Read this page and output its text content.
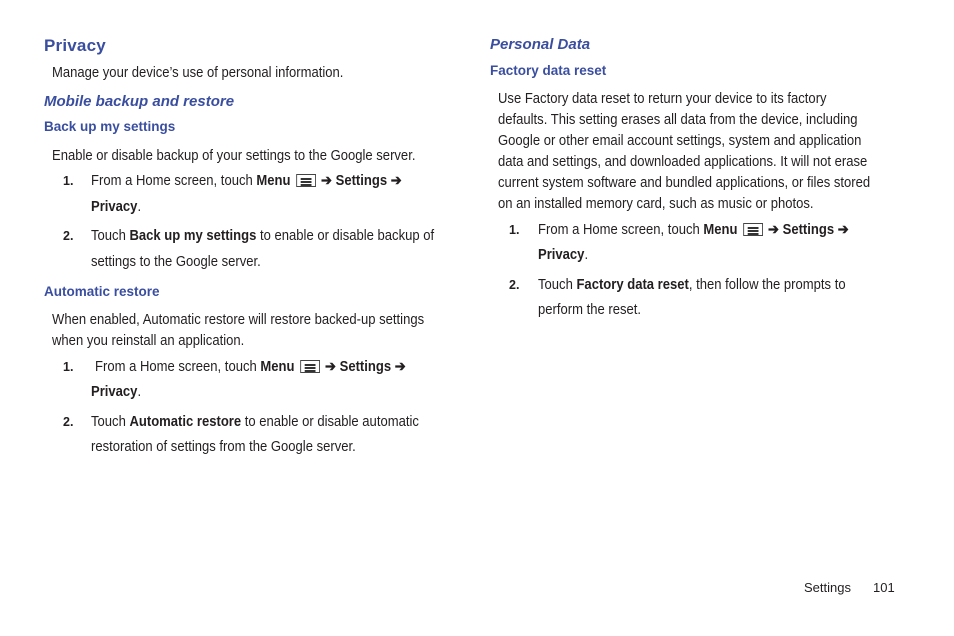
Privacy
Manage your device’s use of personal information.
Mobile backup and restore
Back up my settings
Enable or disable backup of your settings to the Google server.
1. From a Home screen, touch Menu ➔ Settings ➔
Privacy.
2. Touch Back up my settings to enable or disable backup of
settings to the Google server.
Automatic restore
When enabled, Automatic restore will restore backed-up settings
when you reinstall an application.
1. From a Home screen, touch Menu ➔ Settings ➔
Privacy.
2. Touch Automatic restore to enable or disable automatic
restoration of settings from the Google server.
Personal Data
Factory data reset
Use Factory data reset to return your device to its factory
defaults. This setting erases all data from the device, including
Google or other email account settings, system and application
data and settings, and downloaded applications. It will not erase
current system software and bundled applications, or files stored
on an installed memory card, such as music or photos.
1. From a Home screen, touch Menu ➔ Settings ➔
Privacy.
2. Touch Factory data reset, then follow the prompts to
perform the reset.
Settings 101
